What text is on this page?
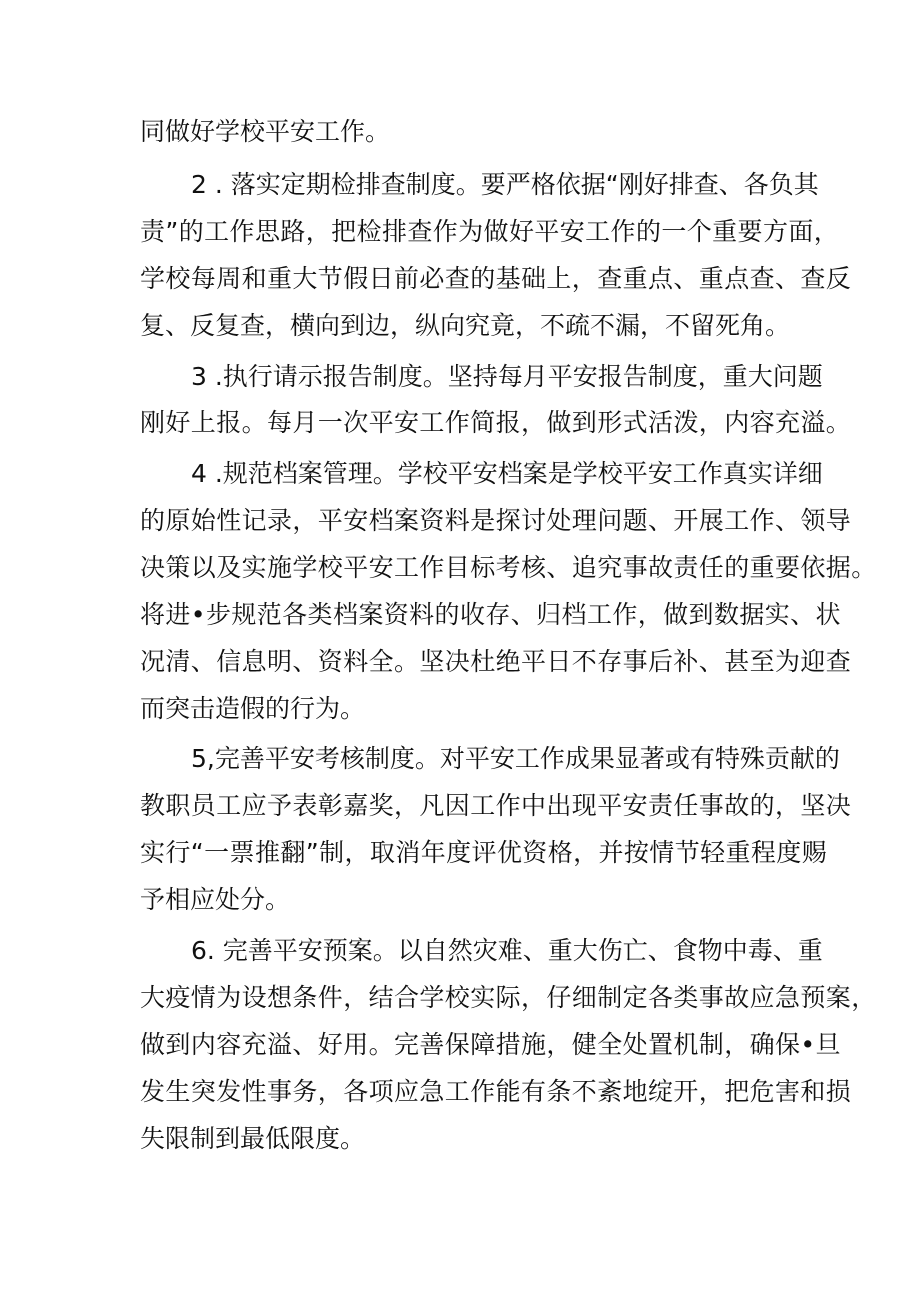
同做好学校平安工作。
2 . 落实定期检排查制度。要严格依据“刚好排查、各负其
责”的工作思路，把检排查作为做好平安工作的一个重要方面，
学校每周和重大节假日前必查的基础上，查重点、重点查、查反
复、反复查，横向到边，纵向究竟，不疏不漏，不留死角。
3 .执行请示报告制度。坚持每月平安报告制度，重大问题
刚好上报。每月一次平安工作简报，做到形式活泼，内容充溢。
4 .规范档案管理。学校平安档案是学校平安工作真实详细
的原始性记录，平安档案资料是探讨处理问题、开展工作、领导
决策以及实施学校平安工作目标考核、追究事故责任的重要依据。
将进•步规范各类档案资料的收存、归档工作，做到数据实、状
况清、信息明、资料全。坚决杜绝平日不存事后补、甚至为迎查
而突击造假的行为。
5,完善平安考核制度。对平安工作成果显著或有特殊贡献的
教职员工应予表彰嘉奖，凡因工作中出现平安责任事故的，坚决
实行“一票推翻”制，取消年度评优资格，并按情节轻重程度赐
予相应处分。
6. 完善平安预案。以自然灾难、重大伤亡、食物中毒、重
大疫情为设想条件，结合学校实际，仔细制定各类事故应急预案，
做到内容充溢、好用。完善保障措施，健全处置机制，确保•旦
发生突发性事务，各项应急工作能有条不紊地绽开，把危害和损
失限制到最低限度。
